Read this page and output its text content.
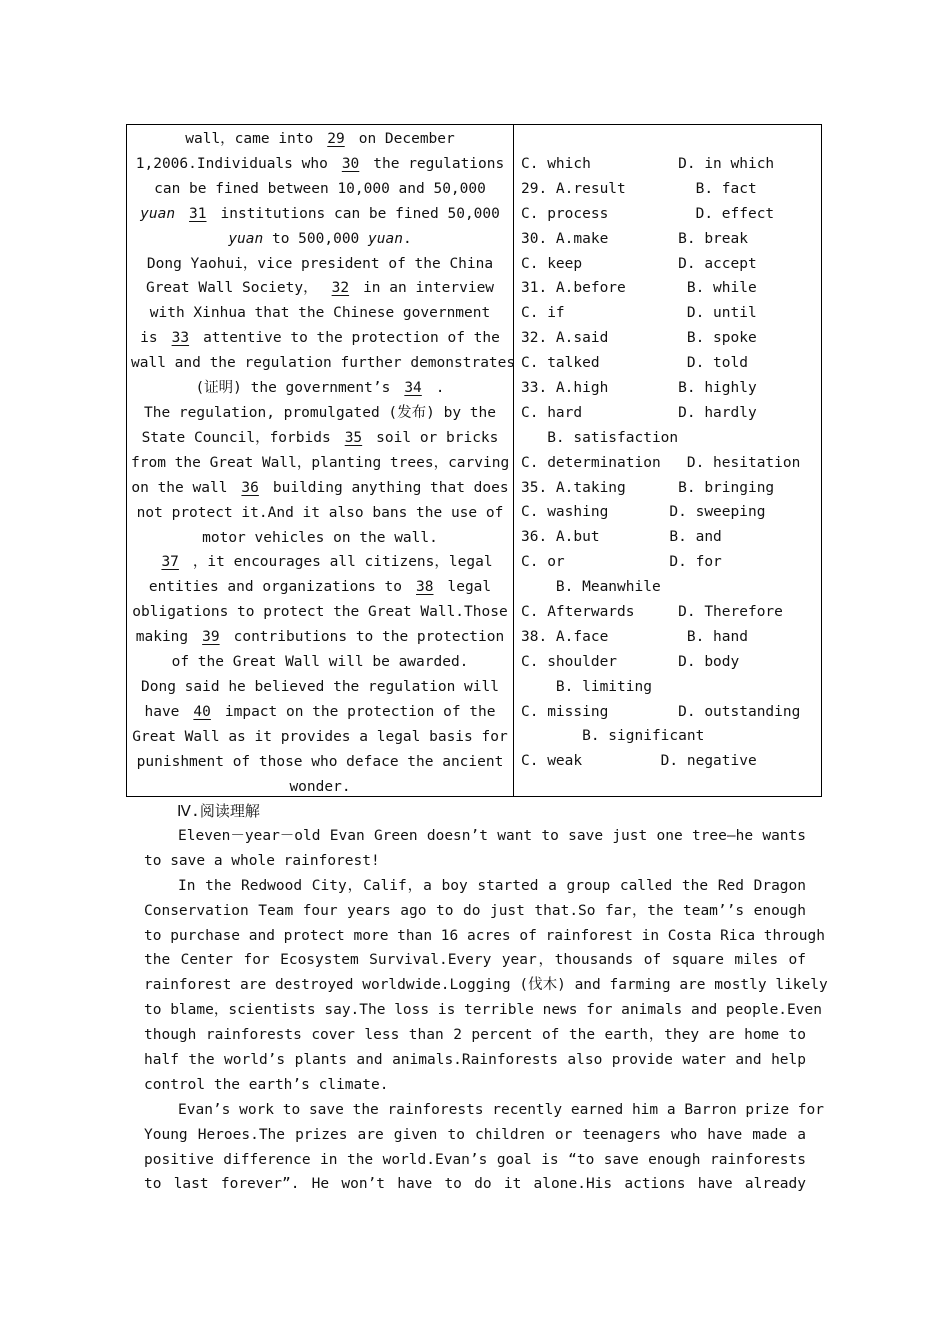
wall，came into 29 on December
1,2006.Individuals who 30 the regulations
can be fined between 10,000 and 50,000
yuan 31 institutions can be fined 50,000
yuan to 500,000 yuan.
Dong Yaohui，vice president of the China
Great Wall Society， 32 in an interview
with Xinhua that the Chinese government
is 33 attentive to the protection of the
wall and the regulation further demonstrates
(证明) the government’s 34 .
The regulation, promulgated (发布) by the
State Council，forbids 35 soil or bricks
from the Great Wall，planting trees，carving
on the wall 36 building anything that does
not protect it.And it also bans the use of
motor vehicles on the wall.
37 ，it encourages all citizens，legal
entities and organizations to 38 legal
obligations to protect the Great Wall.Those
making 39 contributions to the protection
of the Great Wall will be awarded.
Dong said he believed the regulation will
have 40 impact on the protection of the
Great Wall as it provides a legal basis for
punishment of those who deface the ancient
wonder.
C. which          D. in which
29. A.result        B. fact
C. process          D. effect
30. A.make        B. break
C. keep           D. accept
31. A.before       B. while
C. if              D. until
32. A.said         B. spoke
C. talked          D. told
33. A.high        B. highly
C. hard           D. hardly
B. satisfaction
C. determination   D. hesitation
35. A.taking      B. bringing
C. washing       D. sweeping
36. A.but        B. and
C. or            D. for
B. Meanwhile
C. Afterwards     D. Therefore
38. A.face         B. hand
C. shoulder       D. body
B. limiting
C. missing        D. outstanding
B. significant
C. weak         D. negative
Ⅳ.阅读理解
Eleven－year－old Evan Green doesn’t want to save just one tree—he wants
to save a whole rainforest!
In the Redwood City，Calif，a boy started a group called the Red Dragon
Conservation Team four years ago to do just that.So far，the team’’s enough
to purchase and protect more than 16 acres of rainforest in Costa Rica through
the Center for Ecosystem Survival.Every year，thousands of square miles of
rainforest are destroyed worldwide.Logging (伐木) and farming are mostly likely
to blame，scientists say.The loss is terrible news for animals and people.Even
though rainforests cover less than 2 percent of the earth，they are home to
half the world’s plants and animals.Rainforests also provide water and help
control the earth’s climate.
Evan’s work to save the rainforests recently earned him a Barron prize for
Young Heroes.The prizes are given to children or teenagers who have made a
positive difference in the world.Evan’s goal is “to save enough rainforests
to last forever”. He won’t have to do it alone.His actions have already
